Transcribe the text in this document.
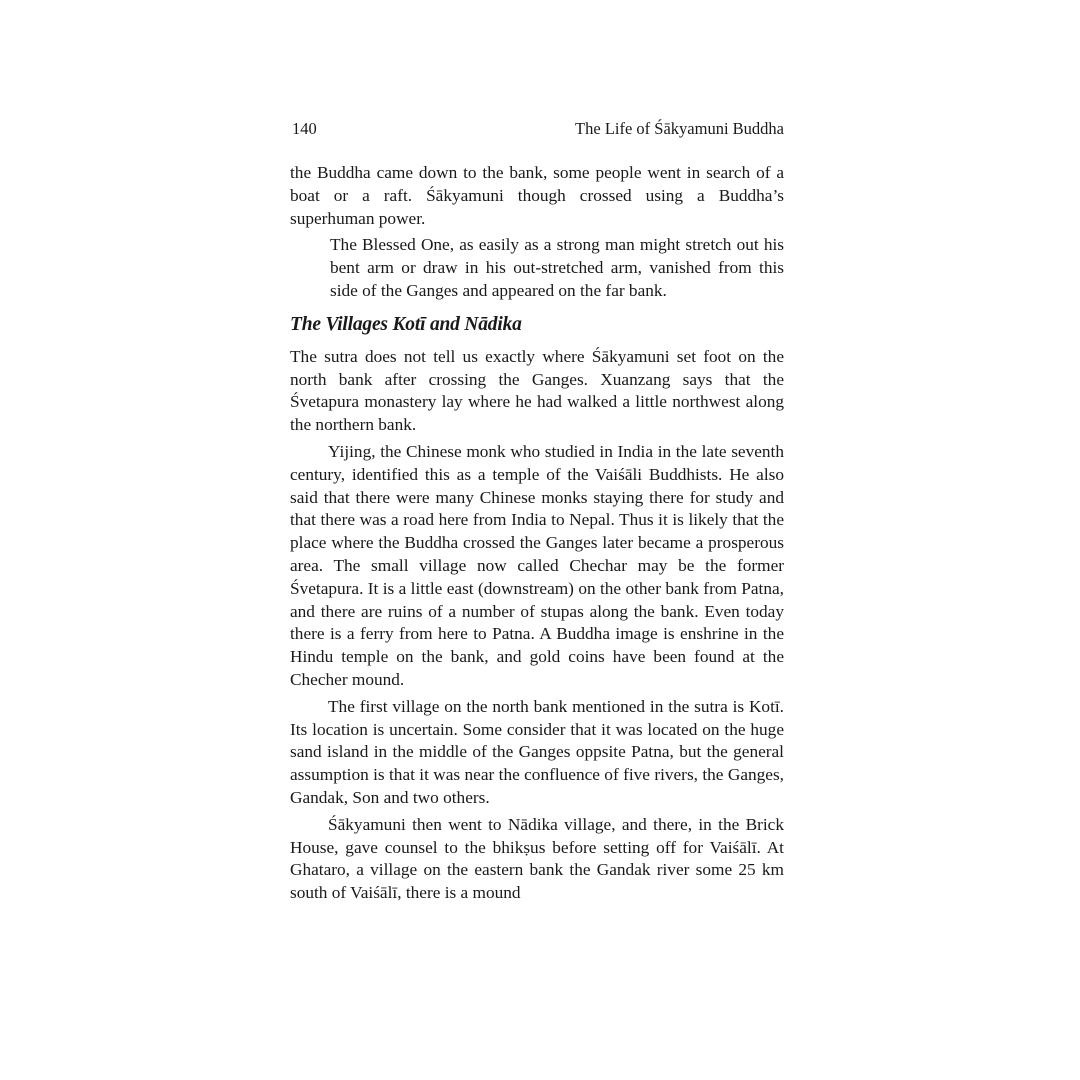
140	The Life of Śākyamuni Buddha

the Buddha came down to the bank, some people went in search of a boat or a raft. Śākyamuni though crossed using a Buddha’s superhuman power.

The Blessed One, as easily as a strong man might stretch out his bent arm or draw in his out-stretched arm, vanished from this side of the Ganges and appeared on the far bank.

The Villages Kotī and Nādika

The sutra does not tell us exactly where Śākyamuni set foot on the north bank after crossing the Ganges. Xuanzang says that the Śvetapura monastery lay where he had walked a little northwest along the northern bank.

Yijing, the Chinese monk who studied in India in the late seventh century, identified this as a temple of the Vaiśāli Buddhists. He also said that there were many Chinese monks staying there for study and that there was a road here from India to Nepal. Thus it is likely that the place where the Buddha crossed the Ganges later became a prosperous area. The small village now called Chechar may be the former Śvetapura. It is a little east (downstream) on the other bank from Patna, and there are ruins of a number of stupas along the bank. Even today there is a ferry from here to Patna. A Buddha image is enshrine in the Hindu temple on the bank, and gold coins have been found at the Checher mound.

The first village on the north bank mentioned in the sutra is Kotī. Its location is uncertain. Some consider that it was located on the huge sand island in the middle of the Ganges oppsite Patna, but the general assumption is that it was near the confluence of five rivers, the Ganges, Gandak, Son and two others.

Śākyamuni then went to Nādika village, and there, in the Brick House, gave counsel to the bhikṣus before setting off for Vaiśālī. At Ghataro, a village on the eastern bank the Gandak river some 25 km south of Vaiśālī, there is a mound
